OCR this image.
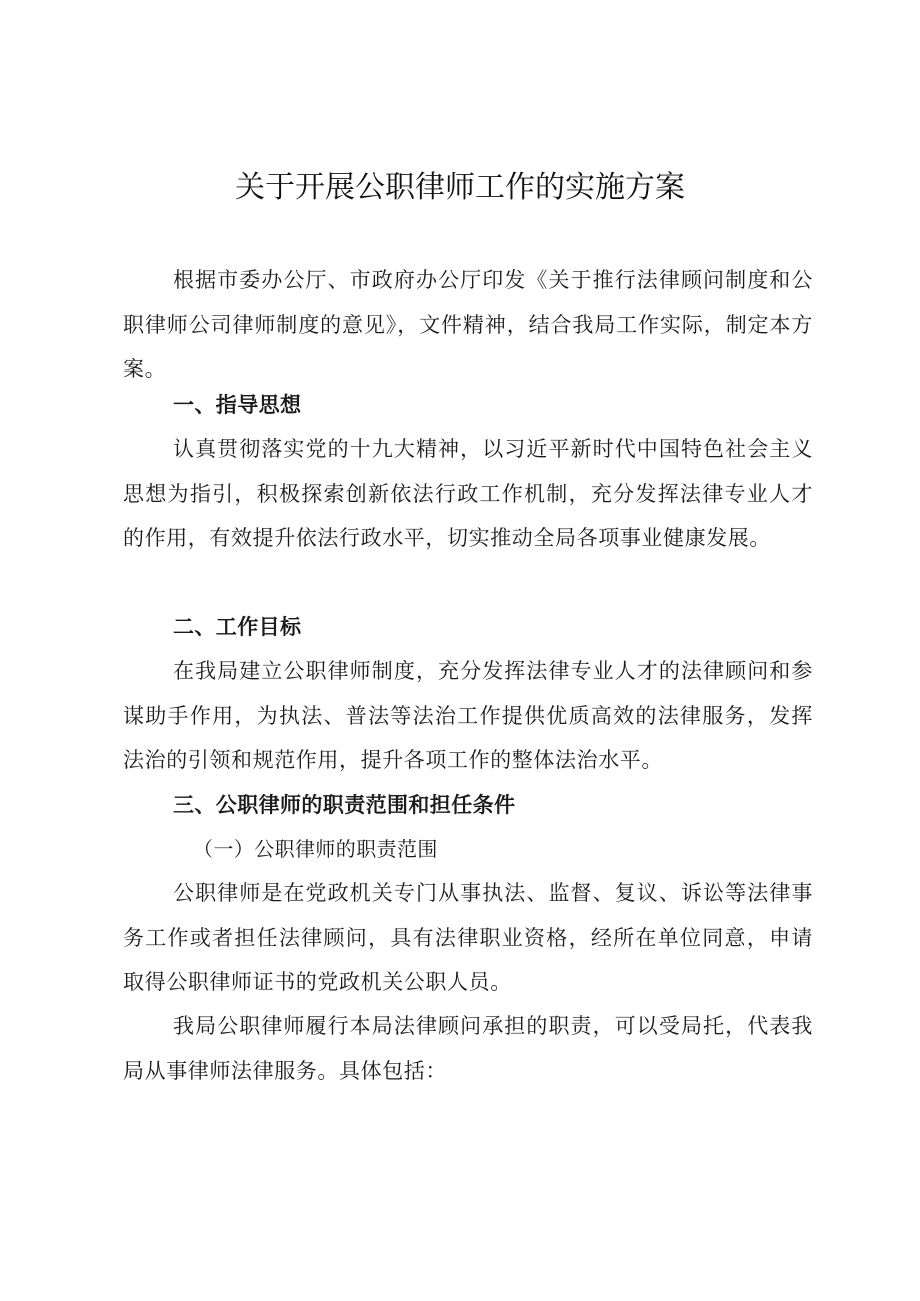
关于开展公职律师工作的实施方案

根据市委办公厅、市政府办公厅印发《关于推行法律顾问制度和公职律师公司律师制度的意见》，文件精神，结合我局工作实际，制定本方案。

一、指导思想

认真贯彻落实党的十九大精神，以习近平新时代中国特色社会主义思想为指引，积极探索创新依法行政工作机制，充分发挥法律专业人才的作用，有效提升依法行政水平，切实推动全局各项事业健康发展。

二、工作目标

在我局建立公职律师制度，充分发挥法律专业人才的法律顾问和参谋助手作用，为执法、普法等法治工作提供优质高效的法律服务，发挥法治的引领和规范作用，提升各项工作的整体法治水平。

三、公职律师的职责范围和担任条件

（一）公职律师的职责范围

公职律师是在党政机关专门从事执法、监督、复议、诉讼等法律事务工作或者担任法律顾问，具有法律职业资格，经所在单位同意，申请取得公职律师证书的党政机关公职人员。

我局公职律师履行本局法律顾问承担的职责，可以受局托，代表我局从事律师法律服务。具体包括：
